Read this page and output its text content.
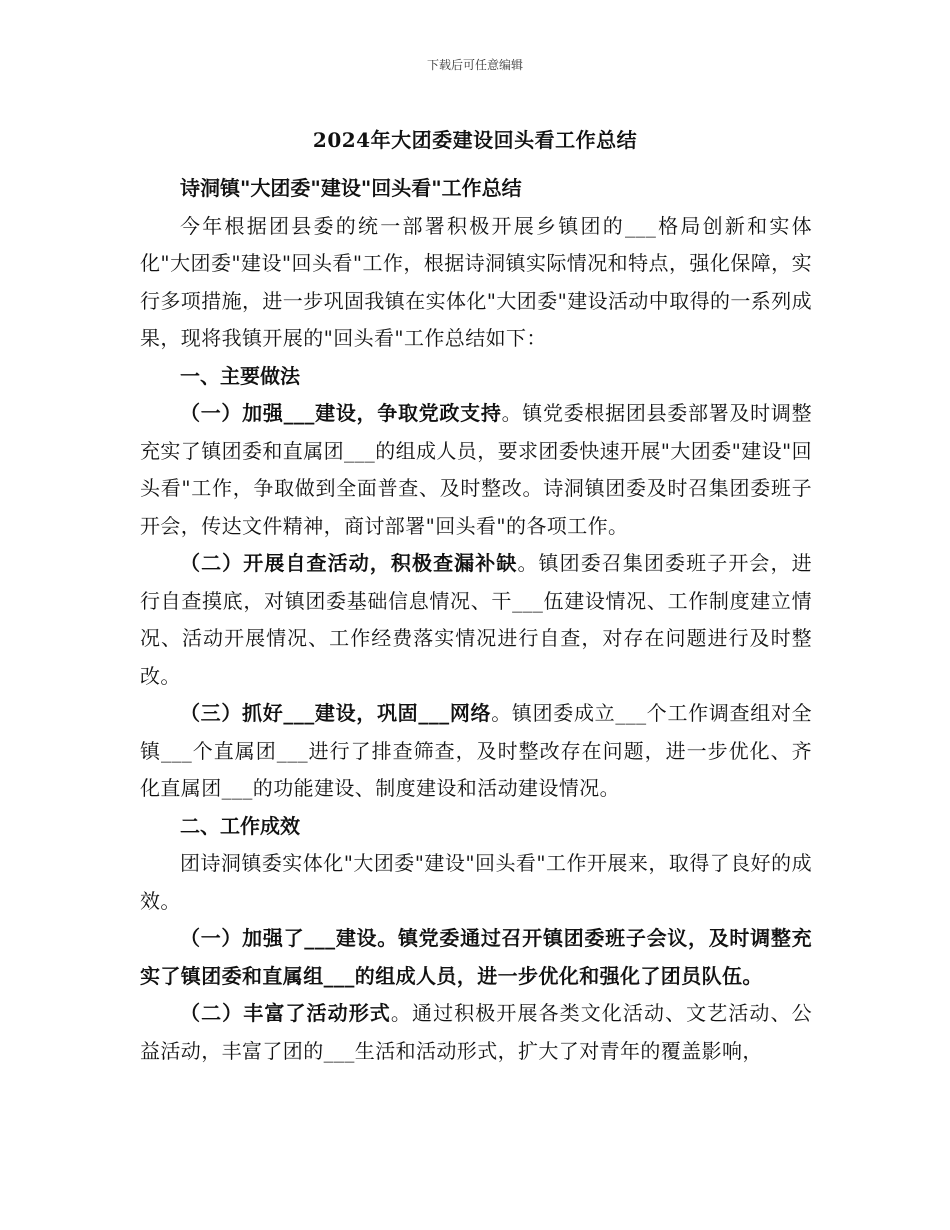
下载后可任意编辑
2024年大团委建设回头看工作总结

诗洞镇"大团委"建设"回头看"工作总结

今年根据团县委的统一部署积极开展乡镇团的___格局创新和实体化"大团委"建设"回头看"工作，根据诗洞镇实际情况和特点，强化保障，实行多项措施，进一步巩固我镇在实体化"大团委"建设活动中取得的一系列成果，现将我镇开展的"回头看"工作总结如下：

一、主要做法

（一）加强___建设，争取党政支持。镇党委根据团县委部署及时调整充实了镇团委和直属团___的组成人员，要求团委快速开展"大团委"建设"回头看"工作，争取做到全面普查、及时整改。诗洞镇团委及时召集团委班子开会，传达文件精神，商讨部署"回头看"的各项工作。

（二）开展自查活动，积极查漏补缺。镇团委召集团委班子开会，进行自查摸底，对镇团委基础信息情况、干___伍建设情况、工作制度建立情况、活动开展情况、工作经费落实情况进行自查，对存在问题进行及时整改。

（三）抓好___建设，巩固___网络。镇团委成立___个工作调查组对全镇___个直属团___进行了排查筛查，及时整改存在问题，进一步优化、齐化直属团___的功能建设、制度建设和活动建设情况。

二、工作成效

团诗洞镇委实体化"大团委"建设"回头看"工作开展来，取得了良好的成效。

（一）加强了___建设。镇党委通过召开镇团委班子会议，及时调整充实了镇团委和直属组___的组成人员，进一步优化和强化了团员队伍。

（二）丰富了活动形式。通过积极开展各类文化活动、文艺活动、公益活动，丰富了团的___生活和活动形式，扩大了对青年的覆盖影响，
